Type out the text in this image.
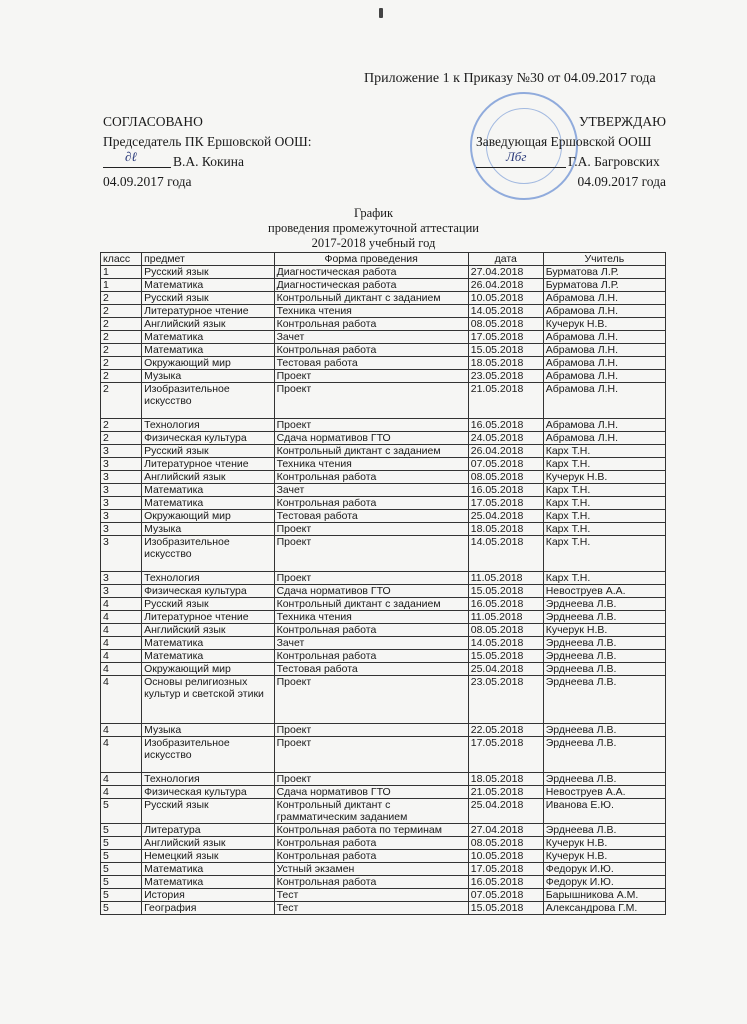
Приложение 1 к Приказу №30 от 04.09.2017 года
СОГЛАСОВАНО
Председатель ПК Ершовской ООШ:
∂ℓ	В.А. Кокина
04.09.2017 года
УТВЕРЖДАЮ
Заведующая Ершовской ООШ
Лбг	Г.А. Багровских
04.09.2017 года
График
проведения промежуточной аттестации
2017-2018 учебный год
класс	предмет	Форма проведения	дата	Учитель
1	Русский язык	Диагностическая работа	27.04.2018	Бурматова Л.Р.
1	Математика	Диагностическая работа	26.04.2018	Бурматова Л.Р.
2	Русский язык	Контрольный диктант с заданием	10.05.2018	Абрамова Л.Н.
2	Литературное чтение	Техника чтения	14.05.2018	Абрамова Л.Н.
2	Английский язык	Контрольная работа	08.05.2018	Кучерук Н.В.
2	Математика	Зачет	17.05.2018	Абрамова Л.Н.
2	Математика	Контрольная работа	15.05.2018	Абрамова Л.Н.
2	Окружающий мир	Тестовая работа	18.05.2018	Абрамова Л.Н.
2	Музыка	Проект	23.05.2018	Абрамова Л.Н.
2	Изобразительное искусство	Проект	21.05.2018	Абрамова Л.Н.
2	Технология	Проект	16.05.2018	Абрамова Л.Н.
2	Физическая культура	Сдача нормативов ГТО	24.05.2018	Абрамова Л.Н.
3	Русский язык	Контрольный диктант с заданием	26.04.2018	Карх Т.Н.
3	Литературное чтение	Техника чтения	07.05.2018	Карх Т.Н.
3	Английский язык	Контрольная работа	08.05.2018	Кучерук Н.В.
3	Математика	Зачет	16.05.2018	Карх Т.Н.
3	Математика	Контрольная работа	17.05.2018	Карх Т.Н.
3	Окружающий мир	Тестовая работа	25.04.2018	Карх Т.Н.
3	Музыка	Проект	18.05.2018	Карх Т.Н.
3	Изобразительное искусство	Проект	14.05.2018	Карх Т.Н.
3	Технология	Проект	11.05.2018	Карх Т.Н.
3	Физическая культура	Сдача нормативов ГТО	15.05.2018	Невоструев А.А.
4	Русский язык	Контрольный диктант с заданием	16.05.2018	Эрднеева Л.В.
4	Литературное чтение	Техника чтения	11.05.2018	Эрднеева Л.В.
4	Английский язык	Контрольная работа	08.05.2018	Кучерук Н.В.
4	Математика	Зачет	14.05.2018	Эрднеева Л.В.
4	Математика	Контрольная работа	15.05.2018	Эрднеева Л.В.
4	Окружающий мир	Тестовая работа	25.04.2018	Эрднеева Л.В.
4	Основы религиозных культур и светской этики	Проект	23.05.2018	Эрднеева Л.В.
4	Музыка	Проект	22.05.2018	Эрднеева Л.В.
4	Изобразительное искусство	Проект	17.05.2018	Эрднеева Л.В.
4	Технология	Проект	18.05.2018	Эрднеева Л.В.
4	Физическая культура	Сдача нормативов ГТО	21.05.2018	Невоструев А.А.
5	Русский язык	Контрольный диктант с грамматическим заданием	25.04.2018	Иванова Е.Ю.
5	Литература	Контрольная работа по терминам	27.04.2018	Эрднеева Л.В.
5	Английский язык	Контрольная работа	08.05.2018	Кучерук Н.В.
5	Немецкий язык	Контрольная работа	10.05.2018	Кучерук Н.В.
5	Математика	Устный экзамен	17.05.2018	Федорук И.Ю.
5	Математика	Контрольная работа	16.05.2018	Федорук И.Ю.
5	История	Тест	07.05.2018	Барышникова А.М.
5	География	Тест	15.05.2018	Александрова Г.М.
